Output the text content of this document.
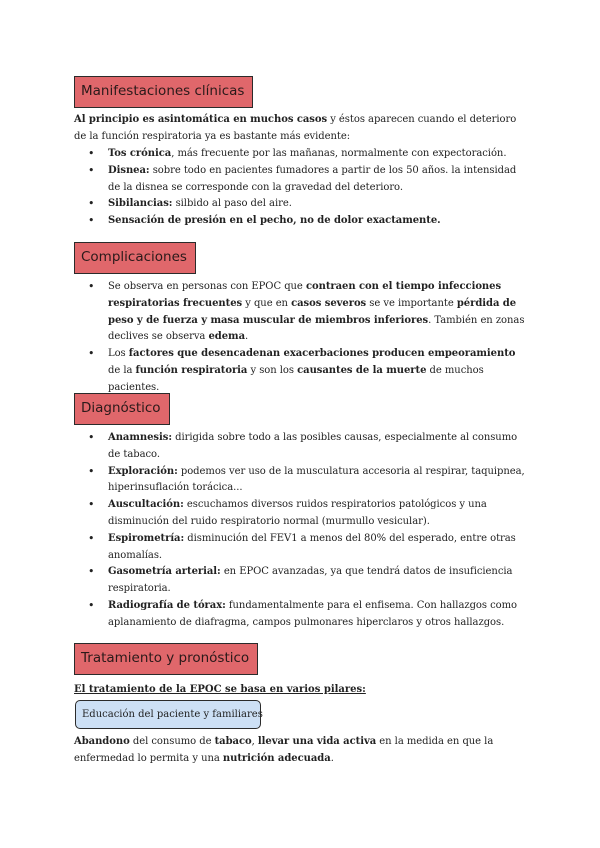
Manifestaciones clínicas
Al principio es asintomática en muchos casos y éstos aparecen cuando el deterioro de la función respiratoria ya es bastante más evidente:
• Tos crónica, más frecuente por las mañanas, normalmente con expectoración.
• Disnea: sobre todo en pacientes fumadores a partir de los 50 años. la intensidad de la disnea se corresponde con la gravedad del deterioro.
• Sibilancias: silbido al paso del aire.
• Sensación de presión en el pecho, no de dolor exactamente.
Complicaciones
• Se observa en personas con EPOC que contraen con el tiempo infecciones respiratorias frecuentes y que en casos severos se ve importante pérdida de peso y de fuerza y masa muscular de miembros inferiores. También en zonas declives se observa edema.
• Los factores que desencadenan exacerbaciones producen empeoramiento de la función respiratoria y son los causantes de la muerte de muchos pacientes.
Diagnóstico
• Anamnesis: dirigida sobre todo a las posibles causas, especialmente al consumo de tabaco.
• Exploración: podemos ver uso de la musculatura accesoria al respirar, taquipnea, hiperinsuflación torácica...
• Auscultación: escuchamos diversos ruidos respiratorios patológicos y una disminución del ruido respiratorio normal (murmullo vesicular).
• Espirometría: disminución del FEV1 a menos del 80% del esperado, entre otras anomalías.
• Gasometría arterial: en EPOC avanzadas, ya que tendrá datos de insuficiencia respiratoria.
• Radiografía de tórax: fundamentalmente para el enfisema. Con hallazgos como aplanamiento de diafragma, campos pulmonares hiperclaros y otros hallazgos.
Tratamiento y pronóstico
El tratamiento de la EPOC se basa en varios pilares:
Educación del paciente y familiares
Abandono del consumo de tabaco, llevar una vida activa en la medida en que la enfermedad lo permita y una nutrición adecuada.
